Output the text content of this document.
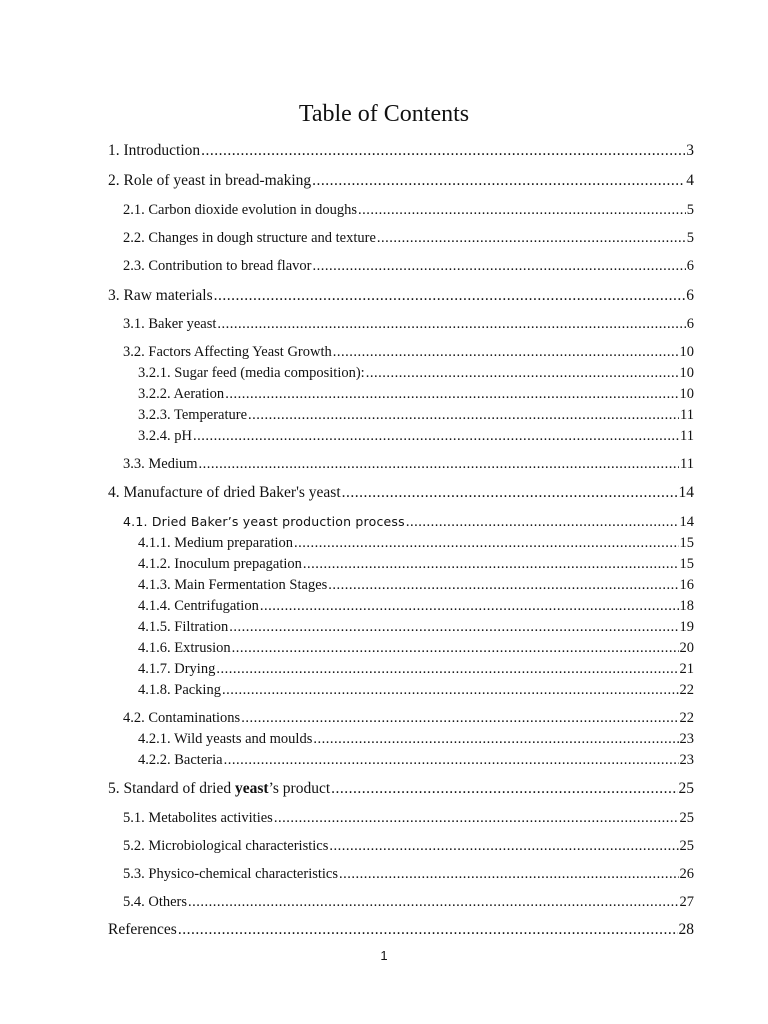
Table of Contents
1. Introduction .....	3
2. Role of yeast in bread-making .....	4
2.1. Carbon dioxide evolution in doughs .....	5
2.2. Changes in dough structure and texture .....	5
2.3. Contribution to bread flavor .....	6
3. Raw materials .....	6
3.1. Baker yeast .....	6
3.2. Factors Affecting Yeast Growth .....	10
3.2.1. Sugar feed (media composition): .....	10
3.2.2. Aeration .....	10
3.2.3. Temperature .....	11
3.2.4. pH .....	11
3.3. Medium .....	11
4. Manufacture of dried Baker's yeast .....	14
4.1. Dried Baker’s yeast production process .....	14
4.1.1. Medium preparation .....	15
4.1.2. Inoculum prepagation .....	15
4.1.3. Main Fermentation Stages .....	16
4.1.4. Centrifugation .....	18
4.1.5. Filtration .....	19
4.1.6. Extrusion .....	20
4.1.7. Drying .....	21
4.1.8. Packing .....	22
4.2. Contaminations .....	22
4.2.1. Wild yeasts and moulds .....	23
4.2.2. Bacteria .....	23
5. Standard of dried yeast’s product .....	25
5.1. Metabolites activities .....	25
5.2. Microbiological characteristics .....	25
5.3. Physico-chemical characteristics .....	26
5.4. Others .....	27
References .....	28
1
